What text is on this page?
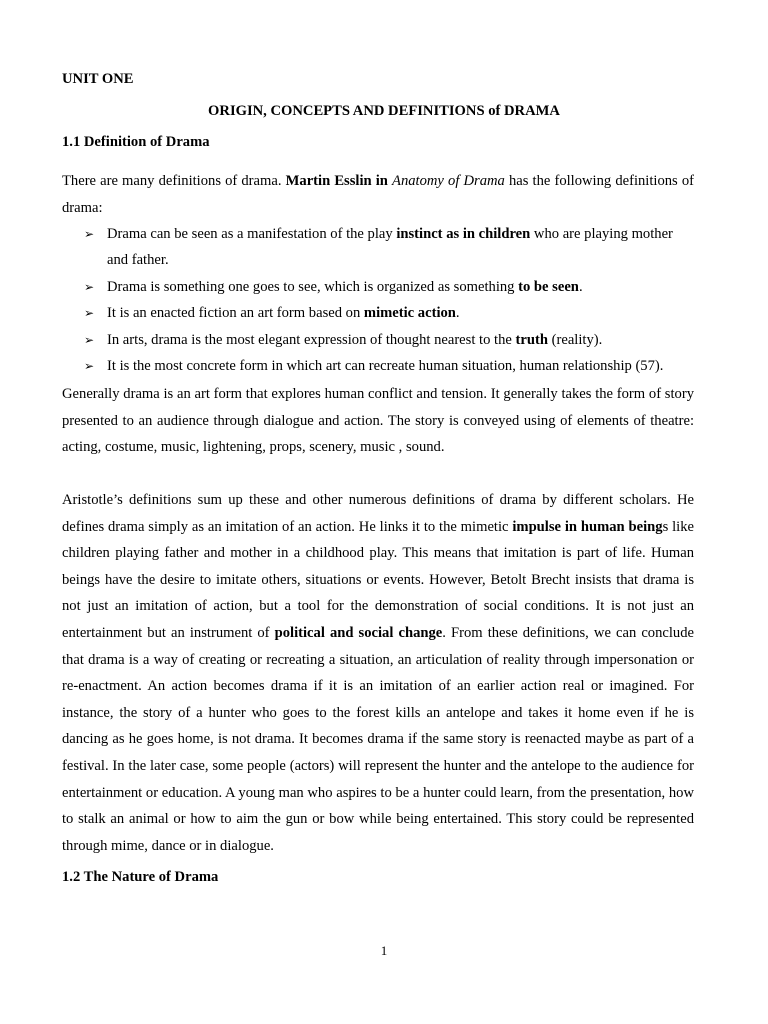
UNIT ONE
ORIGIN, CONCEPTS AND DEFINITIONS of DRAMA
1.1 Definition of Drama

There are many definitions of drama. Martin Esslin in Anatomy of Drama has the following definitions of drama:

➢ Drama can be seen as a manifestation of the play instinct as in children who are playing mother and father.
➢ Drama is something one goes to see, which is organized as something to be seen.
➢ It is an enacted fiction an art form based on mimetic action.
➢ In arts, drama is the most elegant expression of thought nearest to the truth (reality).
➢ It is the most concrete form in which art can recreate human situation, human relationship (57).

Generally drama is an art form that explores human conflict and tension. It generally takes the form of story presented to an audience through dialogue and action. The story is conveyed using of elements of theatre: acting, costume, music, lightening, props, scenery, music , sound.

Aristotle’s definitions sum up these and other numerous definitions of drama by different scholars. He defines drama simply as an imitation of an action. He links it to the mimetic impulse in human beings like children playing father and mother in a childhood play. This means that imitation is part of life. Human beings have the desire to imitate others, situations or events. However, Betolt Brecht insists that drama is not just an imitation of action, but a tool for the demonstration of social conditions. It is not just an entertainment but an instrument of political and social change. From these definitions, we can conclude that drama is a way of creating or recreating a situation, an articulation of reality through impersonation or re-enactment. An action becomes drama if it is an imitation of an earlier action real or imagined. For instance, the story of a hunter who goes to the forest kills an antelope and takes it home even if he is dancing as he goes home, is not drama. It becomes drama if the same story is reenacted maybe as part of a festival. In the later case, some people (actors) will represent the hunter and the antelope to the audience for entertainment or education. A young man who aspires to be a hunter could learn, from the presentation, how to stalk an animal or how to aim the gun or bow while being entertained. This story could be represented through mime, dance or in dialogue.

1.2 The Nature of Drama
1
